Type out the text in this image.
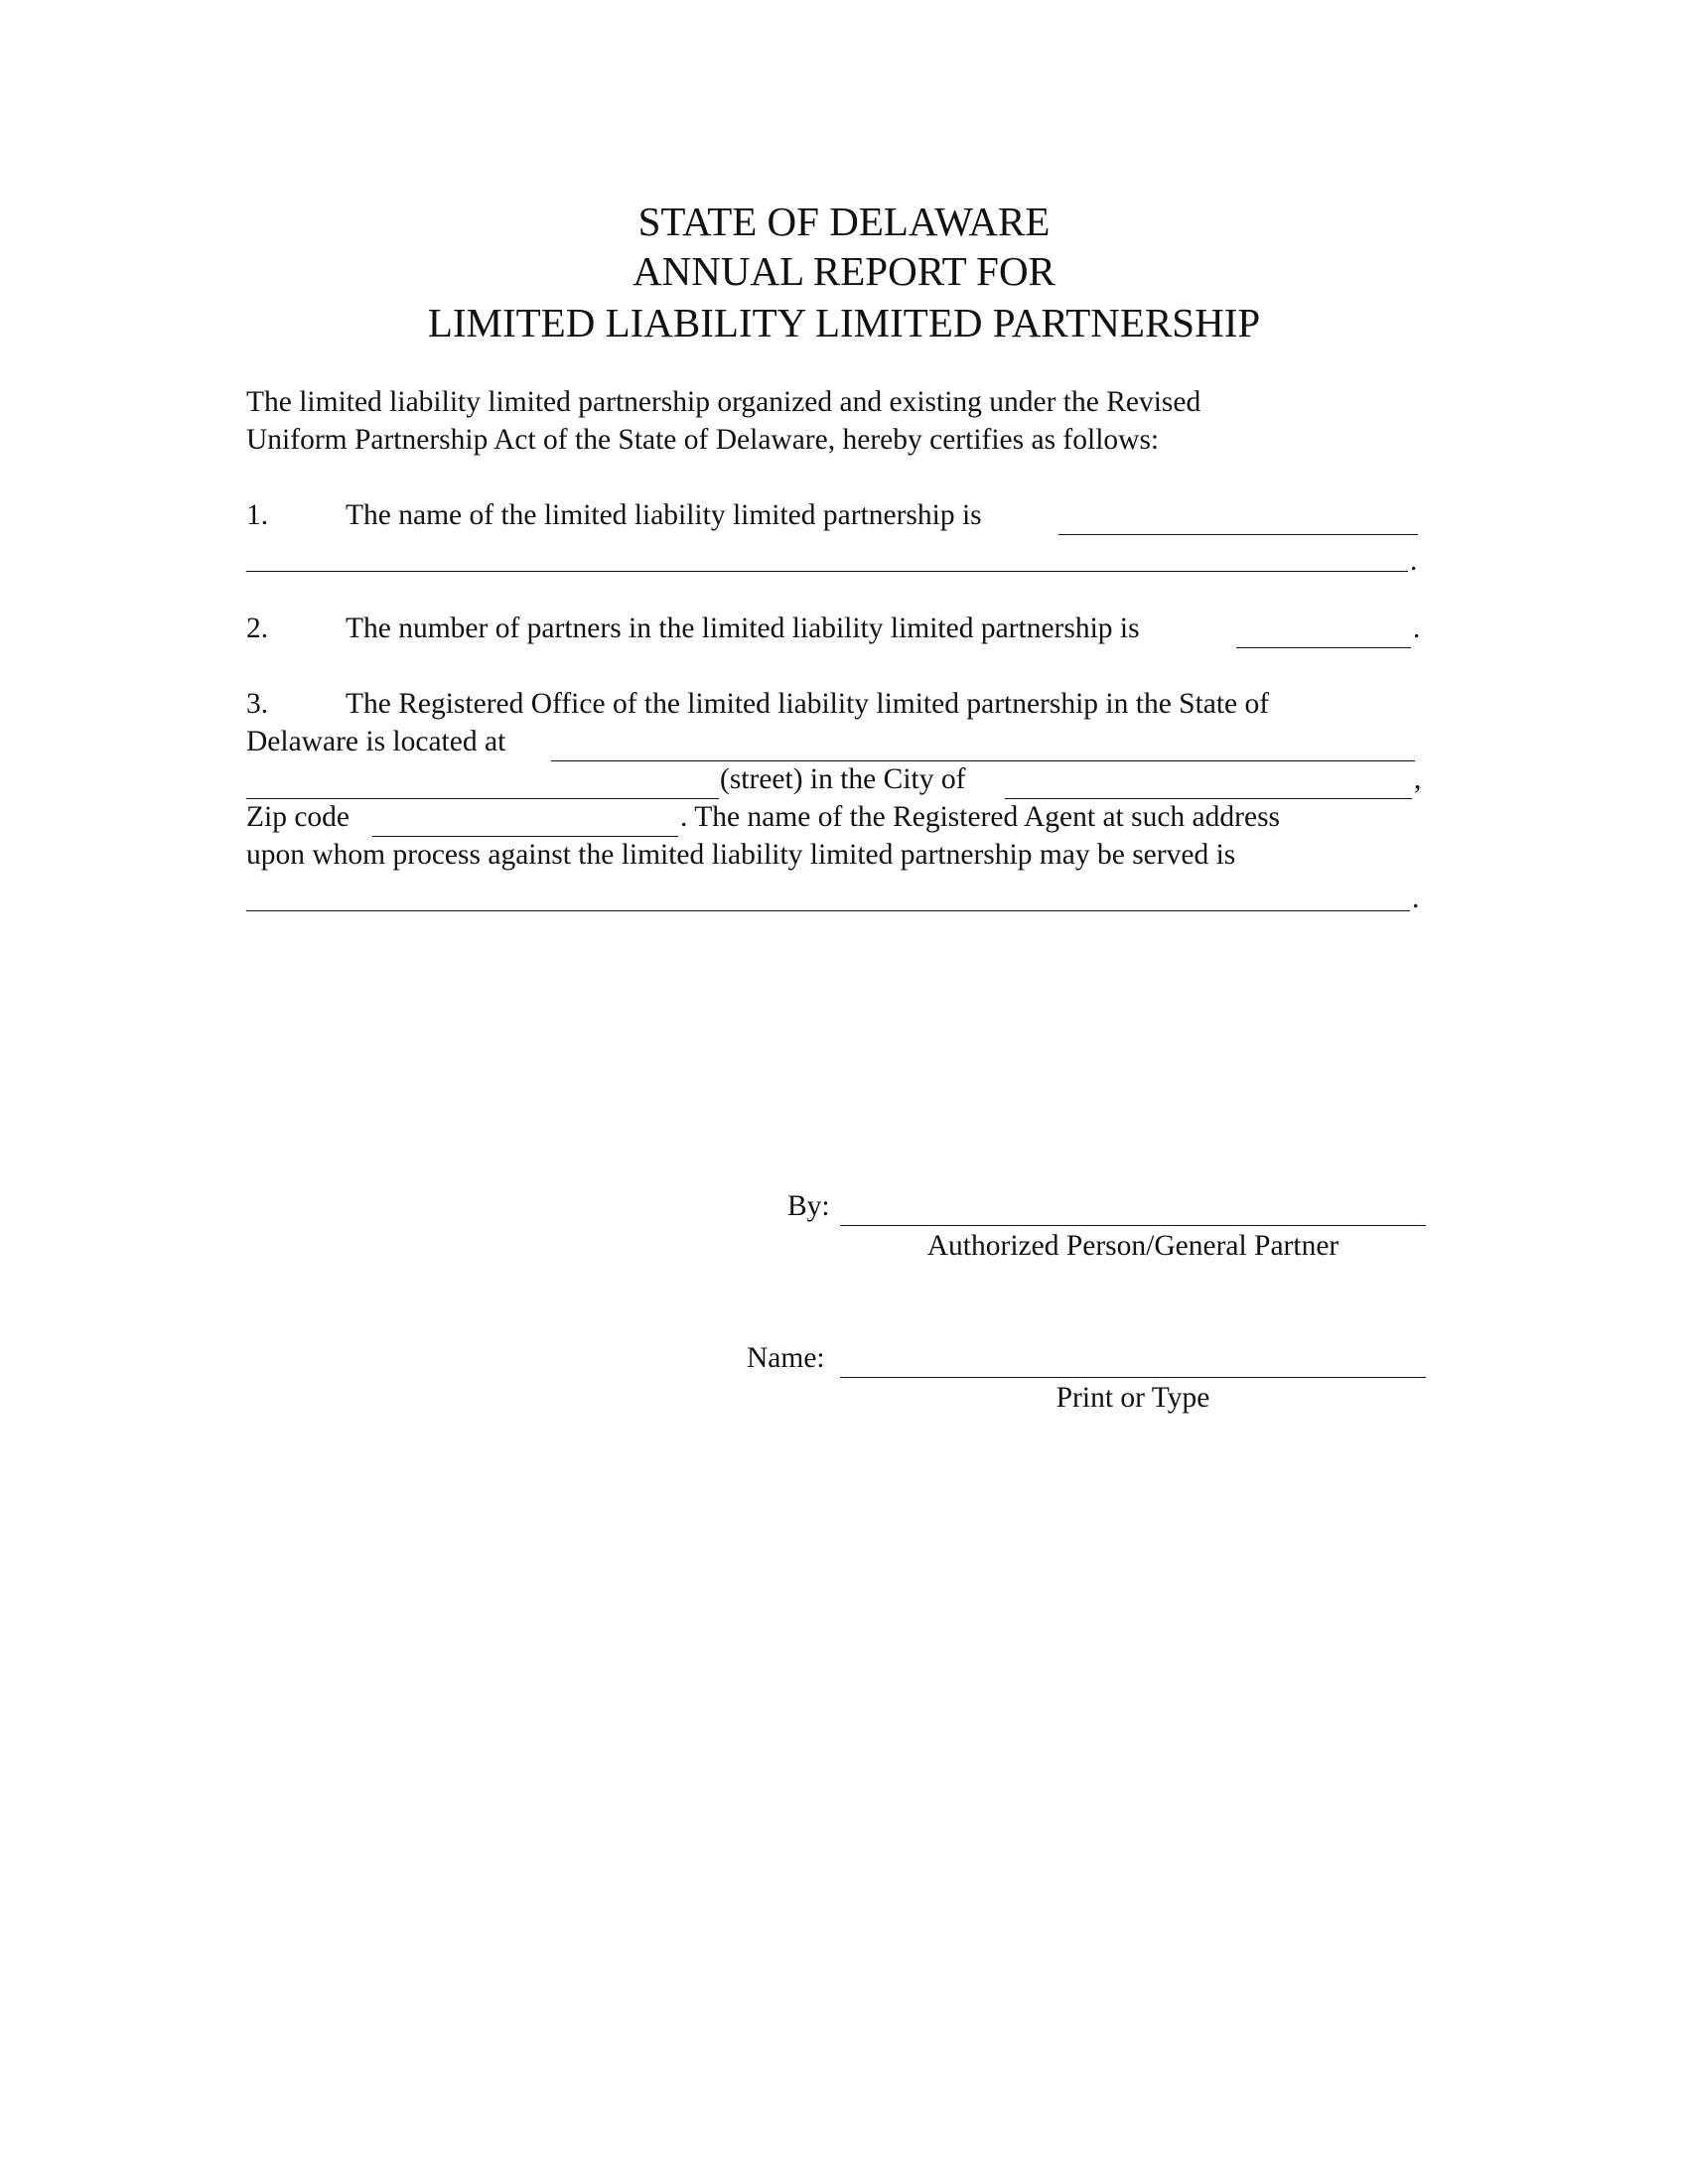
STATE OF DELAWARE
ANNUAL REPORT FOR
LIMITED LIABILITY LIMITED PARTNERSHIP
The limited liability limited partnership organized and existing under the Revised
Uniform Partnership Act of the State of Delaware, hereby certifies as follows:
1.	The name of the limited liability limited partnership is
.
2.	The number of partners in the limited liability limited partnership is	.
3.	The Registered Office of the limited liability limited partnership in the State of
Delaware is located at
(street) in the City of	,
Zip code	. The name of the Registered Agent at such address
upon whom process against the limited liability limited partnership may be served is
.
By:
Authorized Person/General Partner
Name:
Print or Type
